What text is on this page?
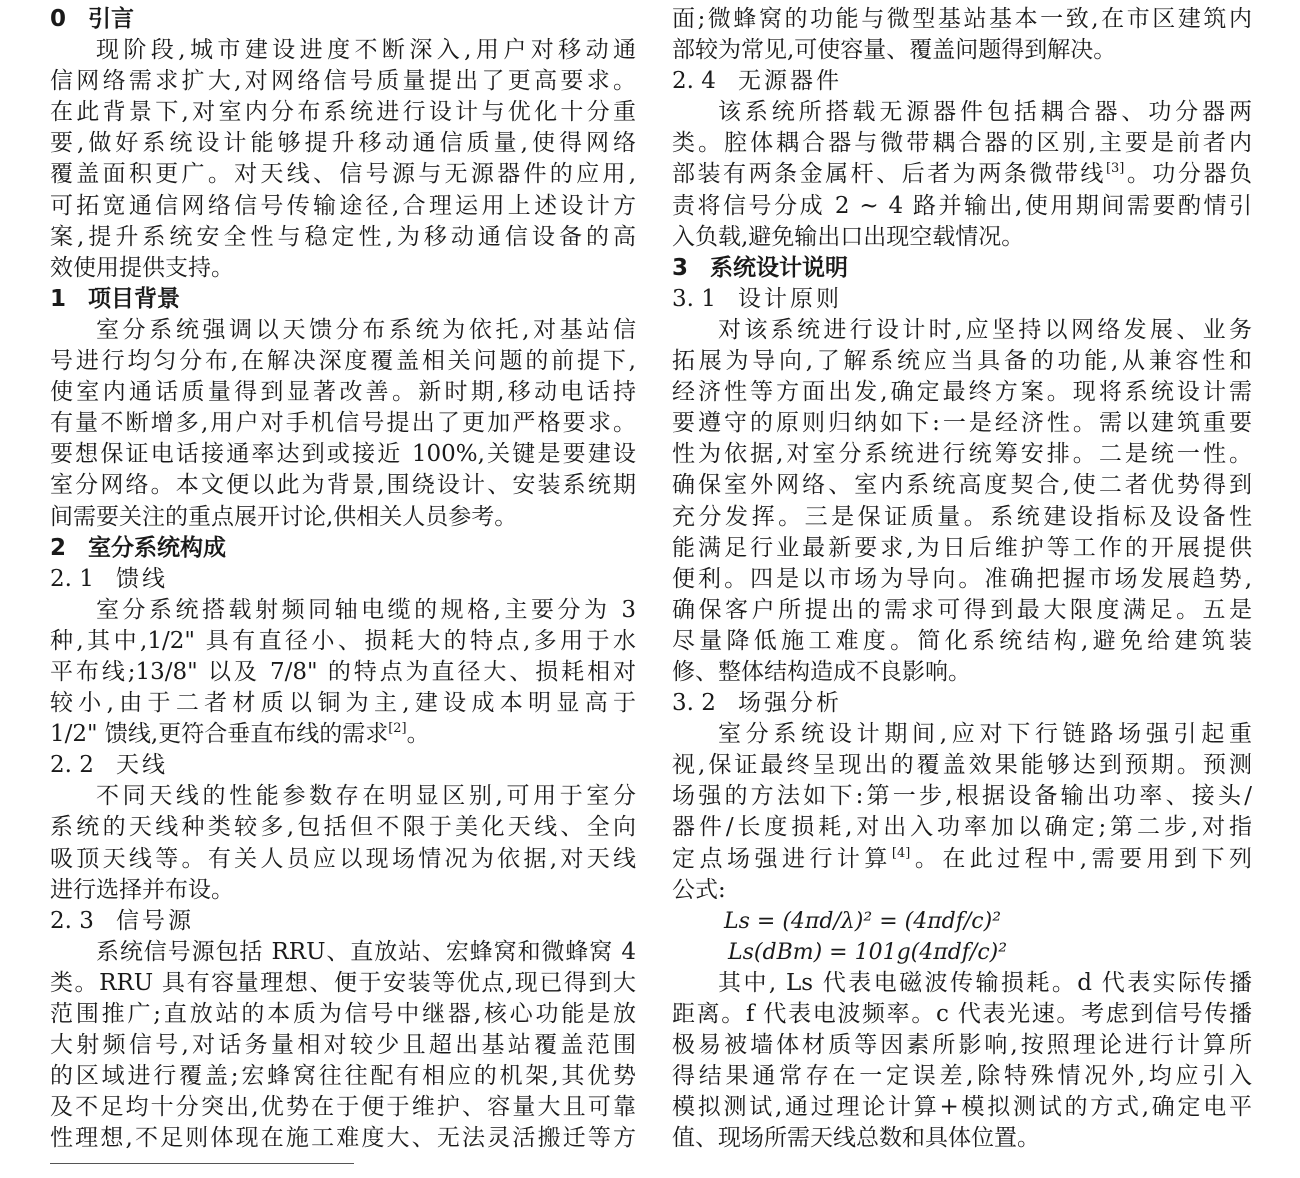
0 引言
现阶段,城市建设进度不断深入,用户对移动通
信网络需求扩大,对网络信号质量提出了更高要求。
在此背景下,对室内分布系统进行设计与优化十分重
要,做好系统设计能够提升移动通信质量,使得网络
覆盖面积更广。对天线、信号源与无源器件的应用,
可拓宽通信网络信号传输途径,合理运用上述设计方
案,提升系统安全性与稳定性,为移动通信设备的高
效使用提供支持。
1 项目背景
室分系统强调以天馈分布系统为依托,对基站信
号进行均匀分布,在解决深度覆盖相关问题的前提下,
使室内通话质量得到显著改善。新时期,移动电话持
有量不断增多,用户对手机信号提出了更加严格要求。
要想保证电话接通率达到或接近 100%,关键是要建设
室分网络。本文便以此为背景,围绕设计、安装系统期
间需要关注的重点展开讨论,供相关人员参考。
2 室分系统构成
2. 1 馈线
室分系统搭载射频同轴电缆的规格,主要分为 3
种,其中,1/2" 具有直径小、损耗大的特点,多用于水
平布线;13/8" 以及 7/8" 的特点为直径大、损耗相对
较小,由于二者材质以铜为主,建设成本明显高于
1/2" 馈线,更符合垂直布线的需求[2]。
2. 2 天线
不同天线的性能参数存在明显区别,可用于室分
系统的天线种类较多,包括但不限于美化天线、全向
吸顶天线等。有关人员应以现场情况为依据,对天线
进行选择并布设。
2. 3 信号源
系统信号源包括 RRU、直放站、宏蜂窝和微蜂窝 4
类。RRU 具有容量理想、便于安装等优点,现已得到大
范围推广;直放站的本质为信号中继器,核心功能是放
大射频信号,对话务量相对较少且超出基站覆盖范围
的区域进行覆盖;宏蜂窝往往配有相应的机架,其优势
及不足均十分突出,优势在于便于维护、容量大且可靠
性理想,不足则体现在施工难度大、无法灵活搬迁等方
面;微蜂窝的功能与微型基站基本一致,在市区建筑内
部较为常见,可使容量、覆盖问题得到解决。
2. 4 无源器件
该系统所搭载无源器件包括耦合器、功分器两
类。腔体耦合器与微带耦合器的区别,主要是前者内
部装有两条金属杆、后者为两条微带线[3]。功分器负
责将信号分成 2 ~ 4 路并输出,使用期间需要酌情引
入负载,避免输出口出现空载情况。
3 系统设计说明
3. 1 设计原则
对该系统进行设计时,应坚持以网络发展、业务
拓展为导向,了解系统应当具备的功能,从兼容性和
经济性等方面出发,确定最终方案。现将系统设计需
要遵守的原则归纳如下:一是经济性。需以建筑重要
性为依据,对室分系统进行统筹安排。二是统一性。
确保室外网络、室内系统高度契合,使二者优势得到
充分发挥。三是保证质量。系统建设指标及设备性
能满足行业最新要求,为日后维护等工作的开展提供
便利。四是以市场为导向。准确把握市场发展趋势,
确保客户所提出的需求可得到最大限度满足。五是
尽量降低施工难度。简化系统结构,避免给建筑装
修、整体结构造成不良影响。
3. 2 场强分析
室分系统设计期间,应对下行链路场强引起重
视,保证最终呈现出的覆盖效果能够达到预期。预测
场强的方法如下:第一步,根据设备输出功率、接头/
器件/长度损耗,对出入功率加以确定;第二步,对指
定点场强进行计算[4]。在此过程中,需要用到下列
公式:
Ls = (4πd/λ)² = (4πdf/c)²
Ls(dBm) = 101g(4πdf/c)²
其中, Ls 代表电磁波传输损耗。d 代表实际传播
距离。f 代表电波频率。c 代表光速。考虑到信号传播
极易被墙体材质等因素所影响,按照理论进行计算所
得结果通常存在一定误差,除特殊情况外,均应引入
模拟测试,通过理论计算+模拟测试的方式,确定电平
值、现场所需天线总数和具体位置。
